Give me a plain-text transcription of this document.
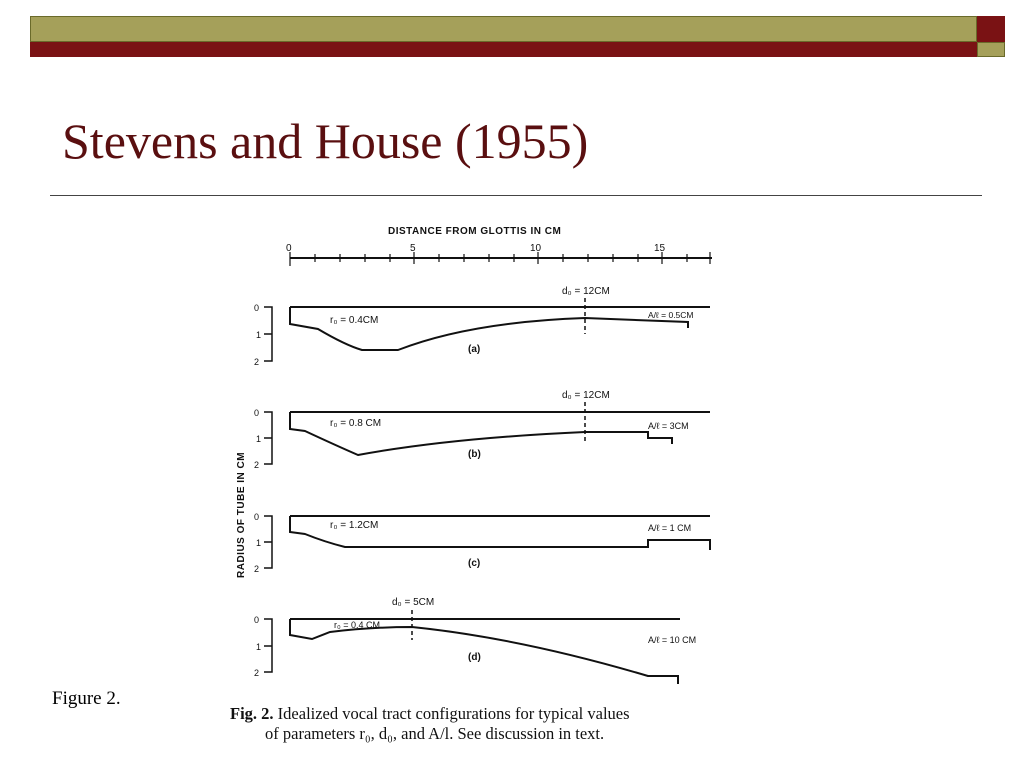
Stevens and House (1955)
Figure 2.
DISTANCE FROM GLOTTIS IN CM
0	5	10	15
RADIUS OF TUBE IN CM
0
1
2
d₀ = 12CM
r₀ = 0.4CM	A/ℓ = 0.5CM
(a)
0
1
2
d₀ = 12CM
r₀ = 0.8 CM	A/ℓ = 3CM
(b)
0
1
2
r₀ = 1.2CM	A/ℓ = 1 CM
(c)
0
1
2
d₀ = 5CM
r₀ = 0.4 CM
A/ℓ = 10 CM
(d)
Fig. 2. Idealized vocal tract configurations for typical values
of parameters r₀, d₀, and A/l. See discussion in text.
